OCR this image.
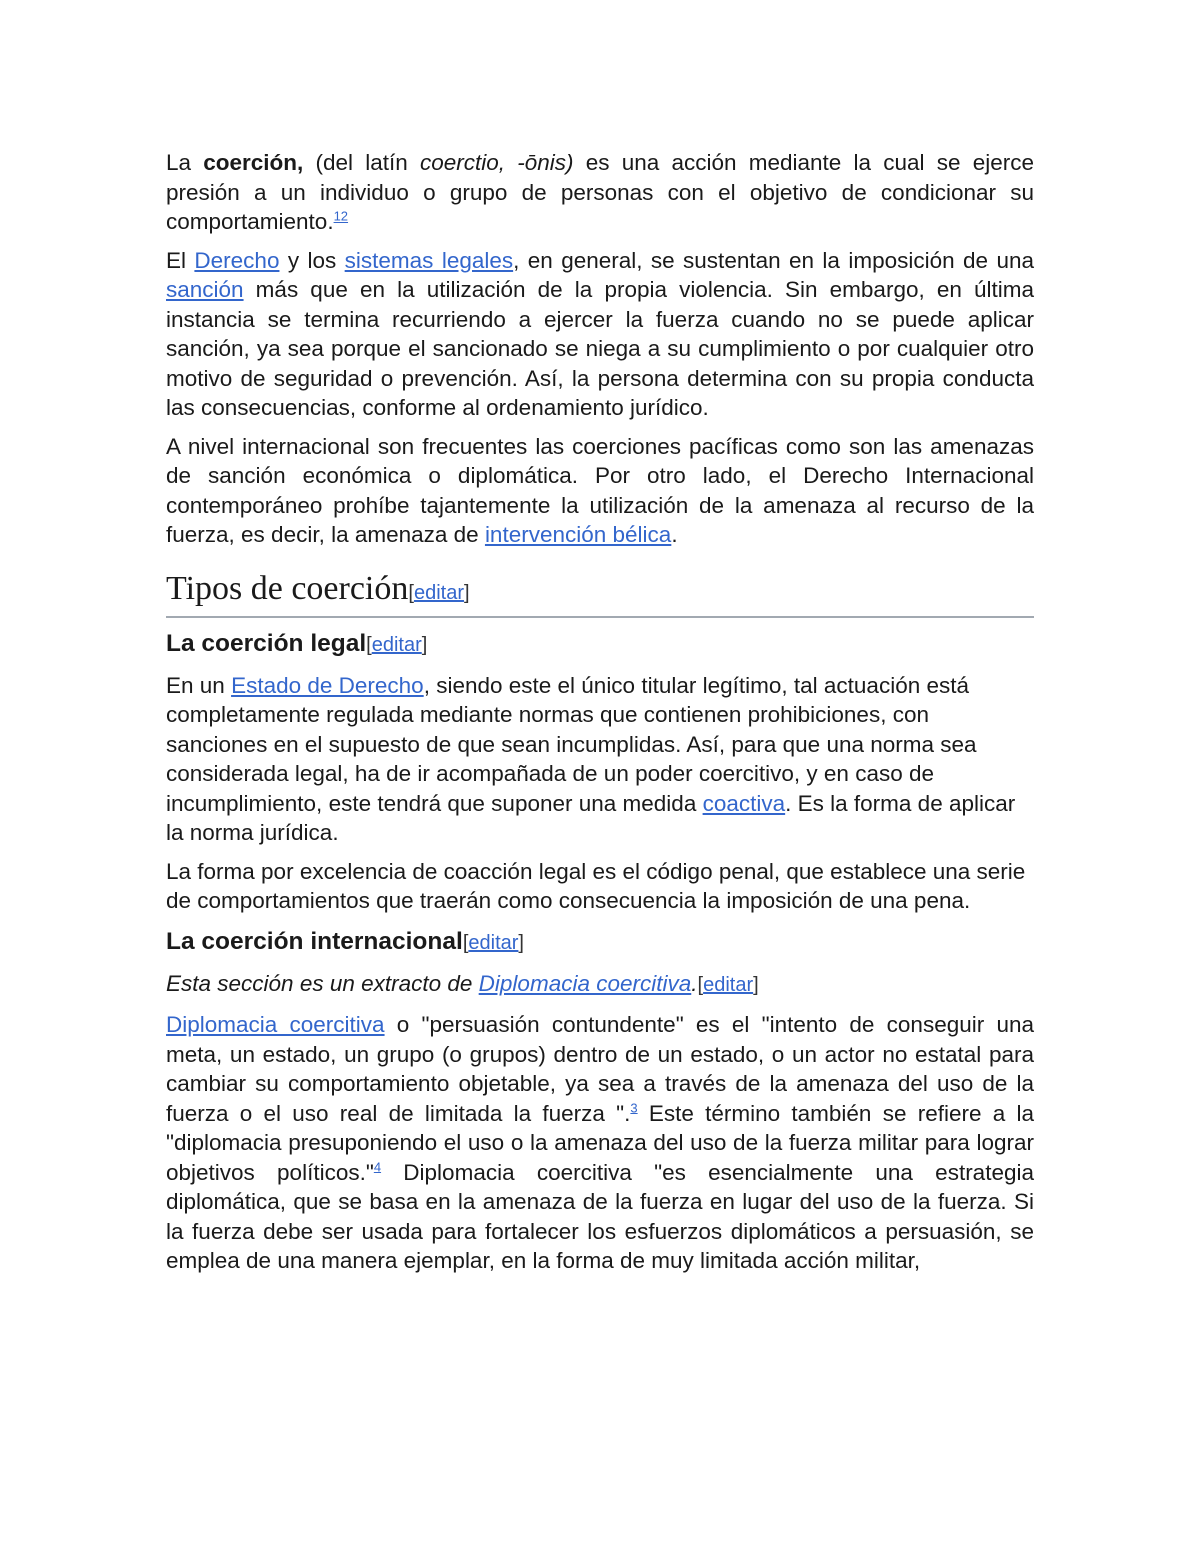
La coerción, (del latín coerctio, -ōnis) es una acción mediante la cual se ejerce presión a un individuo o grupo de personas con el objetivo de condicionar su comportamiento.$^{12}$

El Derecho y los sistemas legales, en general, se sustentan en la imposición de una sanción más que en la utilización de la propia violencia. Sin embargo, en última instancia se termina recurriendo a ejercer la fuerza cuando no se puede aplicar sanción, ya sea porque el sancionado se niega a su cumplimiento o por cualquier otro motivo de seguridad o prevención. Así, la persona determina con su propia conducta las consecuencias, conforme al ordenamiento jurídico.

A nivel internacional son frecuentes las coerciones pacíficas como son las amenazas de sanción económica o diplomática. Por otro lado, el Derecho Internacional contemporáneo prohíbe tajantemente la utilización de la amenaza al recurso de la fuerza, es decir, la amenaza de intervención bélica.

Tipos de coerción[editar]
La coerción legal[editar]

En un Estado de Derecho, siendo este el único titular legítimo, tal actuación está completamente regulada mediante normas que contienen prohibiciones, con sanciones en el supuesto de que sean incumplidas. Así, para que una norma sea considerada legal, ha de ir acompañada de un poder coercitivo, y en caso de incumplimiento, este tendrá que suponer una medida coactiva. Es la forma de aplicar la norma jurídica.

La forma por excelencia de coacción legal es el código penal, que establece una serie de comportamientos que traerán como consecuencia la imposición de una pena.

La coerción internacional[editar]
Esta sección es un extracto de Diplomacia coercitiva.[editar]

Diplomacia coercitiva o "persuasión contundente" es el "intento de conseguir una meta, un estado, un grupo (o grupos) dentro de un estado, o un actor no estatal para cambiar su comportamiento objetable, ya sea a través de la amenaza del uso de la fuerza o el uso real de limitada la fuerza ".$^3$ Este término también se refiere a la "diplomacia presuponiendo el uso o la amenaza del uso de la fuerza militar para lograr objetivos políticos."$^4$ Diplomacia coercitiva "es esencialmente una estrategia diplomática, que se basa en la amenaza de la fuerza en lugar del uso de la fuerza. Si la fuerza debe ser usada para fortalecer los esfuerzos diplomáticos a persuasión, se emplea de una manera ejemplar, en la forma de muy limitada acción militar,
